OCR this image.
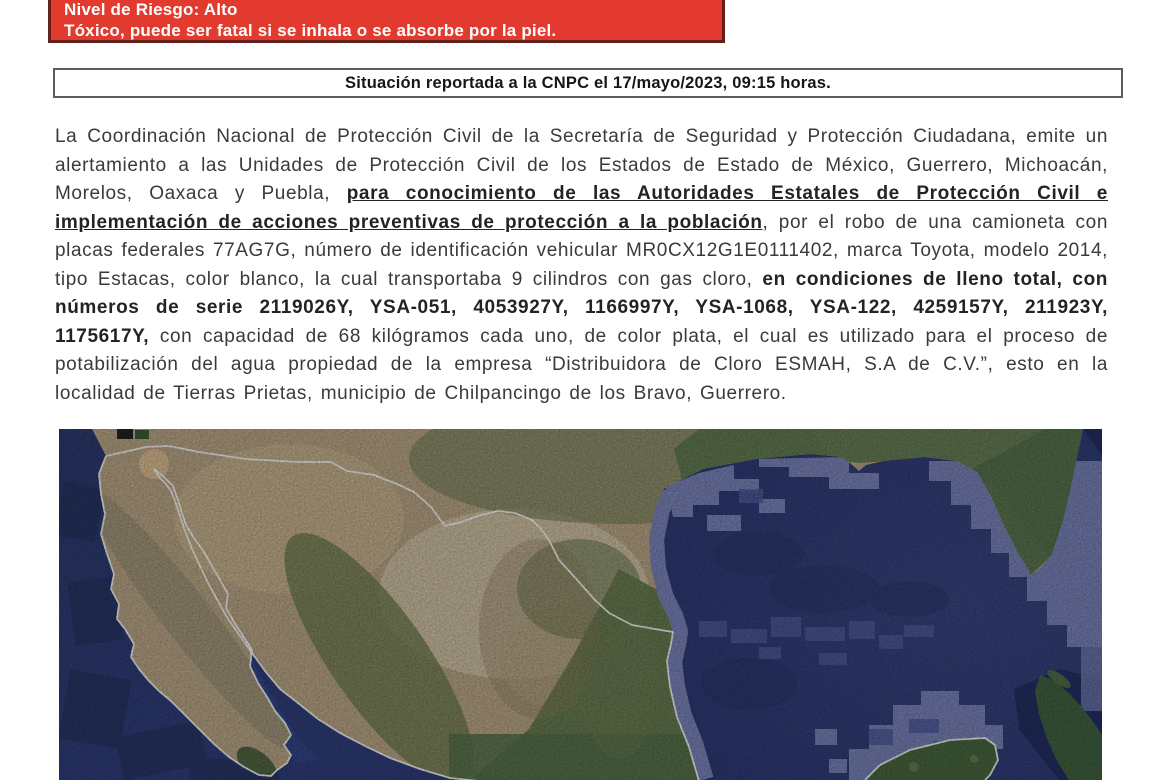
Nivel de Riesgo: Alto
Tóxico, puede ser fatal si se inhala o se absorbe por la piel.
Situación reportada a la CNPC el 17/mayo/2023, 09:15 horas.

La Coordinación Nacional de Protección Civil de la Secretaría de Seguridad y Protección Ciudadana, emite un alertamiento a las Unidades de Protección Civil de los Estados de Estado de México, Guerrero, Michoacán, Morelos, Oaxaca y Puebla, para conocimiento de las Autoridades Estatales de Protección Civil e implementación de acciones preventivas de protección a la población, por el robo de una camioneta con placas federales 77AG7G, número de identificación vehicular MR0CX12G1E0111402, marca Toyota, modelo 2014, tipo Estacas, color blanco, la cual transportaba 9 cilindros con gas cloro, en condiciones de lleno total, con números de serie 2119026Y, YSA-051, 4053927Y, 1166997Y, YSA-1068, YSA-122, 4259157Y, 211923Y, 1175617Y, con capacidad de 68 kilógramos cada uno, de color plata, el cual es utilizado para el proceso de potabilización del agua propiedad de la empresa “Distribuidora de Cloro ESMAH, S.A de C.V.”, esto en la localidad de Tierras Prietas, municipio de Chilpancingo de los Bravo, Guerrero.
